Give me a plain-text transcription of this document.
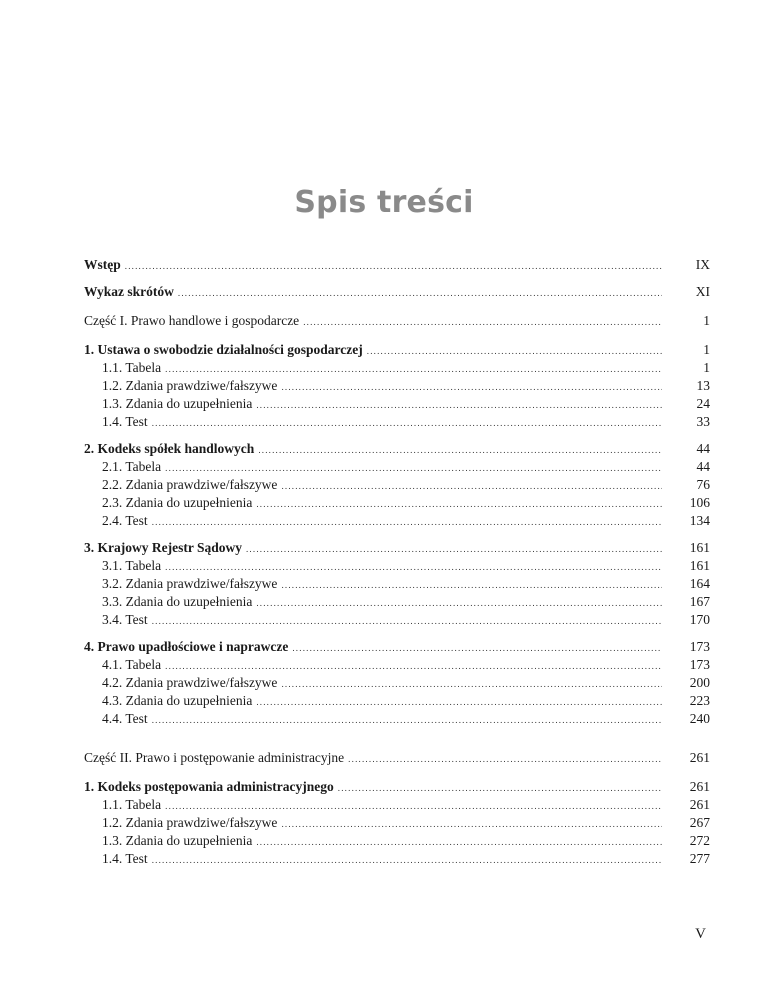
Spis treści
Wstęp .....	IX
Wykaz skrótów .....	XI
Część I. Prawo handlowe i gospodarcze .....	1
1. Ustawa o swobodzie działalności gospodarczej .....	1
1.1. Tabela .....	1
1.2. Zdania prawdziwe/fałszywe .....	13
1.3. Zdania do uzupełnienia .....	24
1.4. Test .....	33
2. Kodeks spółek handlowych .....	44
2.1. Tabela .....	44
2.2. Zdania prawdziwe/fałszywe .....	76
2.3. Zdania do uzupełnienia .....	106
2.4. Test .....	134
3. Krajowy Rejestr Sądowy .....	161
3.1. Tabela .....	161
3.2. Zdania prawdziwe/fałszywe .....	164
3.3. Zdania do uzupełnienia .....	167
3.4. Test .....	170
4. Prawo upadłościowe i naprawcze .....	173
4.1. Tabela .....	173
4.2. Zdania prawdziwe/fałszywe .....	200
4.3. Zdania do uzupełnienia .....	223
4.4. Test .....	240
Część II. Prawo i postępowanie administracyjne .....	261
1. Kodeks postępowania administracyjnego .....	261
1.1. Tabela .....	261
1.2. Zdania prawdziwe/fałszywe .....	267
1.3. Zdania do uzupełnienia .....	272
1.4. Test .....	277
V
